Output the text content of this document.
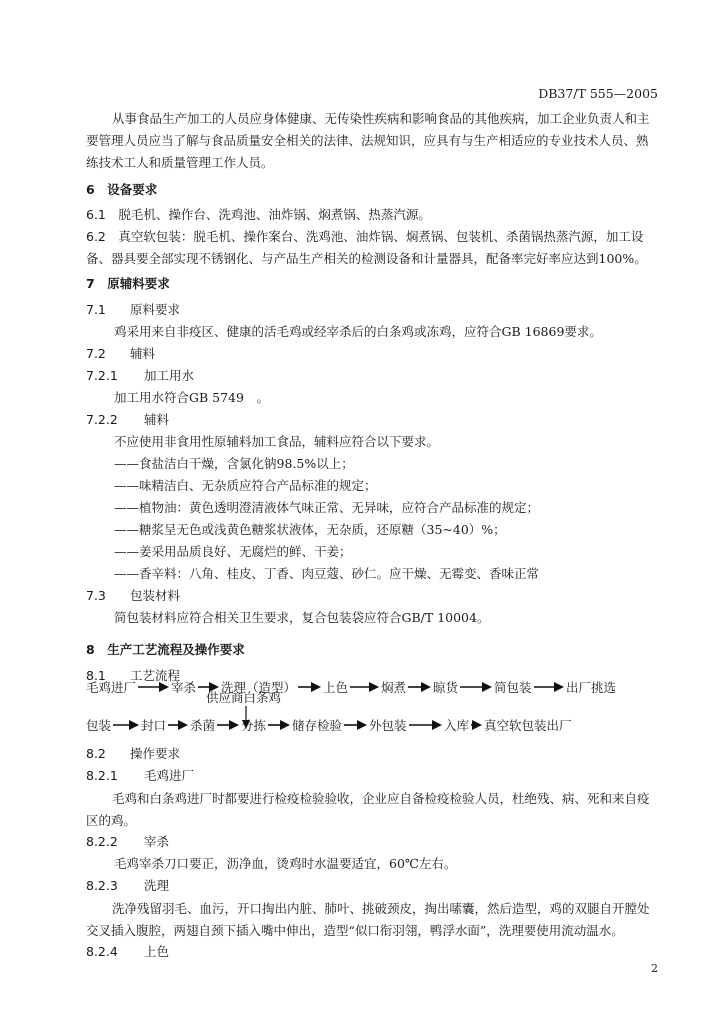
DB37/T 555—2005
从事食品生产加工的人员应身体健康、无传染性疾病和影响食品的其他疾病，加工企业负责人和主要管理人员应当了解与食品质量安全相关的法律、法规知识，应具有与生产相适应的专业技术人员、熟练技术工人和质量管理工作人员。
6　 设备要求
6.1　 脱毛机、操作台、洗鸡池、油炸锅、焖煮锅、热蒸汽源。
6.2　 真空软包装：脱毛机、操作案台、洗鸡池、油炸锅、焖煮锅、包装机、杀菌锅热蒸汽源，加工设备、器具要全部实现不锈钢化、与产品生产相关的检测设备和计量器具，配备率完好率应达到100%。
7　 原辅料要求
7.1 原料要求
鸡采用来自非疫区、健康的活毛鸡或经宰杀后的白条鸡或冻鸡，应符合GB 16869要求。
7.2 辅料
7.2.1 加工用水
加工用水符合GB 5749　。
7.2.2 辅料
不应使用非食用性原辅料加工食品，辅料应符合以下要求。
——食盐洁白干燥，含氯化钠98.5%以上；
——味精洁白、无杂质应符合产品标准的规定；
——植物油：黄色透明澄清液体气味正常、无异味，应符合产品标准的规定；
——糖浆呈无色或浅黄色糖浆状液体，无杂质，还原糖（35~40）%；
——姜采用品质良好、无腐烂的鲜、干姜；
——香辛料：八角、桂皮、丁香、肉豆蔻、砂仁。应干燥、无霉变、香味正常
7.3 包装材料
简包装材料应符合相关卫生要求，复合包装袋应符合GB/T 10004。
8　 生产工艺流程及操作要求
8.1 工艺流程
供应商白条鸡
毛鸡进厂	宰杀 洗理（造型） 上色	焖煮 晾货	简包装	出厂挑选
包装 封口 杀菌 分拣 储存检验 外包装	入库 真空软包装出厂
8.2 操作要求
8.2.1 毛鸡进厂
毛鸡和白条鸡进厂时都要进行检疫检验验收，企业应自备检疫检验人员，杜绝残、病、死和来自疫区的鸡。
8.2.2 宰杀
毛鸡宰杀刀口要正，沥净血，烫鸡时水温要适宜，60℃左右。
8.2.3 洗理
洗净残留羽毛、血污，开口掏出内脏、肺叶、挑破颈皮，掏出嗉囊，然后造型，鸡的双腿自开膛处交叉插入腹腔，两翅自颈下插入嘴中伸出，造型“似口衔羽翎，鸭浮水面”，洗理要使用流动温水。
8.2.4 上色
2
